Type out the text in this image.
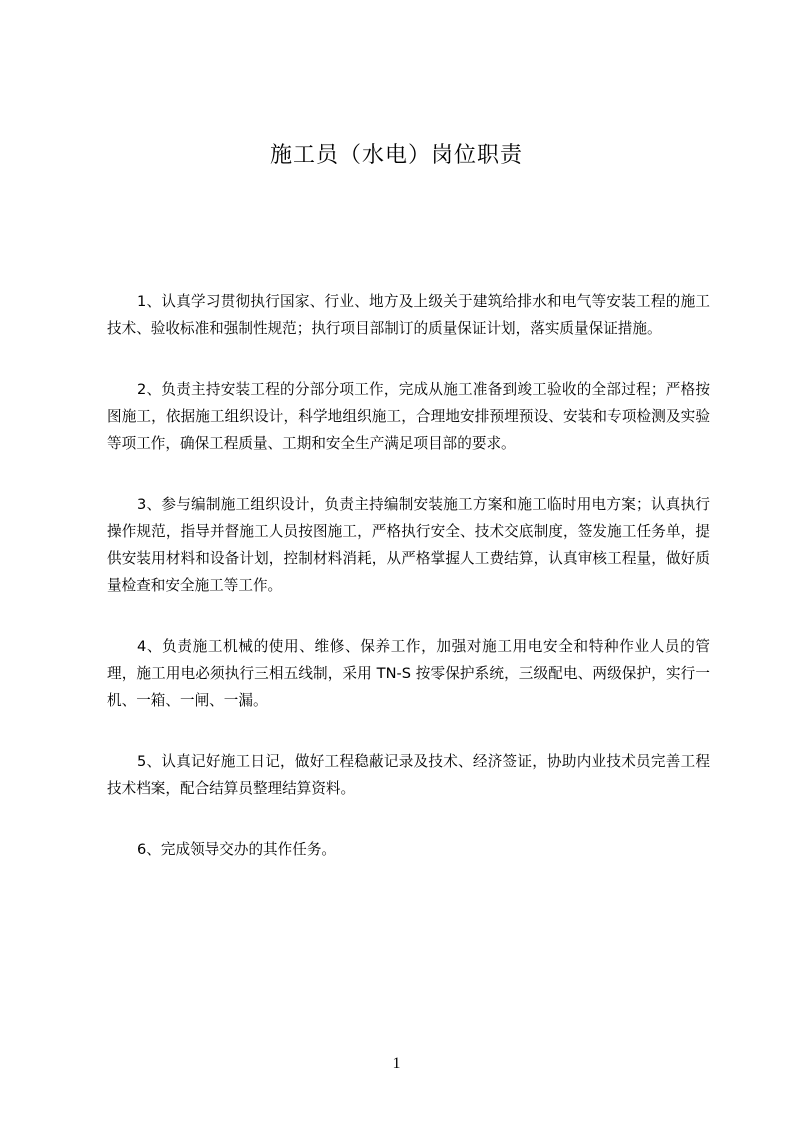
施工员（水电）岗位职责

1、认真学习贯彻执行国家、行业、地方及上级关于建筑给排水和电气等安装工程的施工技术、验收标准和强制性规范；执行项目部制订的质量保证计划，落实质量保证措施。

2、负责主持安装工程的分部分项工作，完成从施工准备到竣工验收的全部过程；严格按图施工，依据施工组织设计，科学地组织施工，合理地安排预埋预设、安装和专项检测及实验等项工作，确保工程质量、工期和安全生产满足项目部的要求。

3、参与编制施工组织设计，负责主持编制安装施工方案和施工临时用电方案；认真执行操作规范，指导并督施工人员按图施工，严格执行安全、技术交底制度，签发施工任务单，提供安装用材料和设备计划，控制材料消耗，从严格掌握人工费结算，认真审核工程量，做好质量检查和安全施工等工作。

4、负责施工机械的使用、维修、保养工作，加强对施工用电安全和特种作业人员的管理，施工用电必须执行三相五线制，采用 TN-S 按零保护系统，三级配电、两级保护，实行一机、一箱、一闸、一漏。

5、认真记好施工日记，做好工程稳蔽记录及技术、经济签证，协助内业技术员完善工程技术档案，配合结算员整理结算资料。

6、完成领导交办的其作任务。

1
